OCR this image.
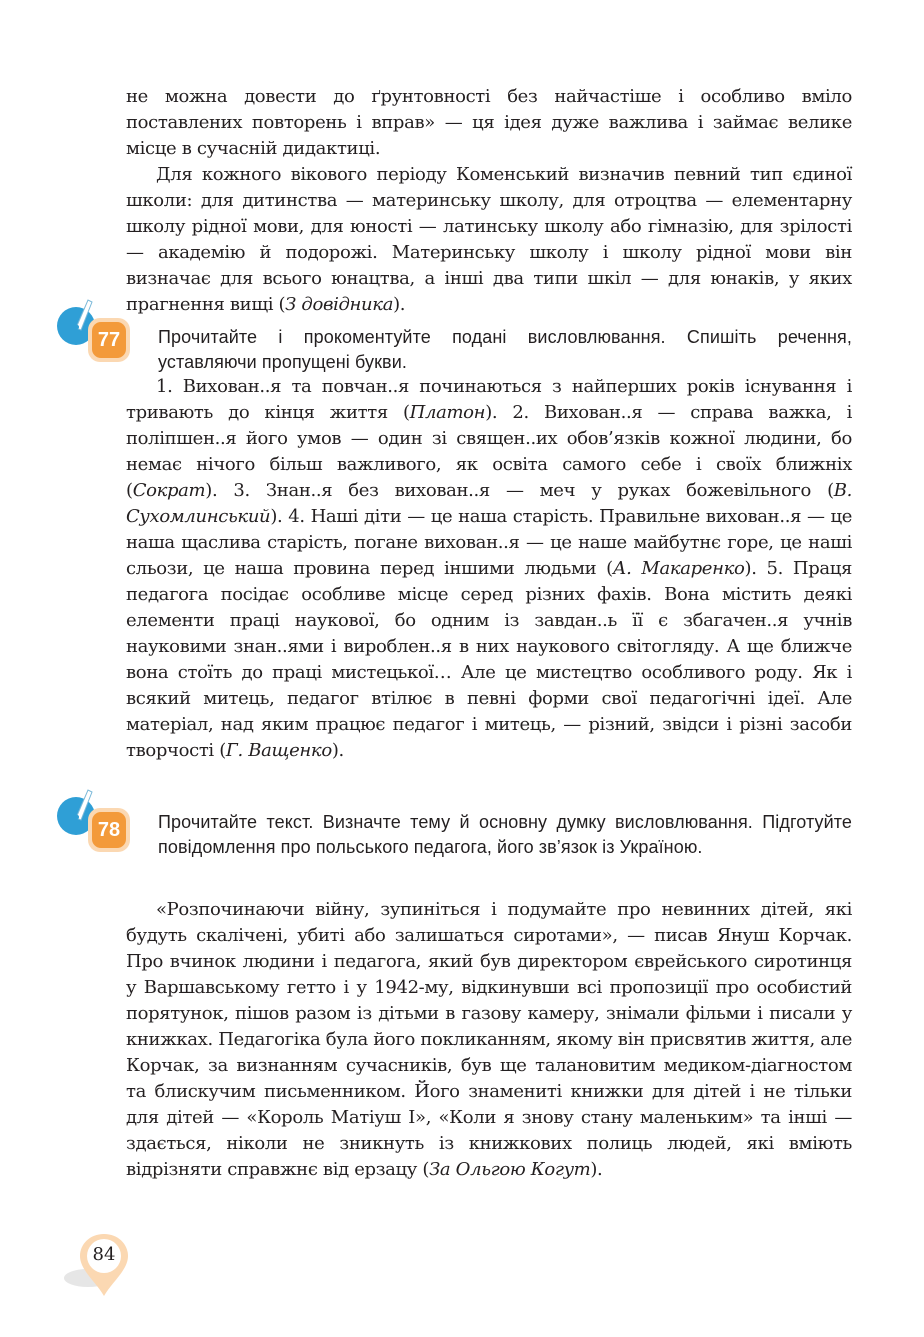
не можна довести до ґрунтовності без найчастіше і особливо вміло поставлених повторень і вправ» — ця ідея дуже важлива і займає велике місце в сучасній дидактиці.

Для кожного вікового періоду Коменський визначив певний тип єдиної школи: для дитинства — материнську школу, для отроцтва — елементарну школу рідної мови, для юності — латинську школу або гімназію, для зрілості — академію й подорожі. Материнську школу і школу рідної мови він визначає для всього юнацтва, а інші два типи шкіл — для юнаків, у яких прагнення вищі (З довідника).

77	Прочитайте і прокоментуйте подані висловлювання. Спишіть речення, уставляючи пропущені букви.

1. Вихован..я та повчан..я починаються з найперших років існування і тривають до кінця життя (Платон). 2. Вихован..я — справа важка, і поліпшен..я його умов — один зі священ..их обов’язків кожної людини, бо немає нічого більш важливого, як освіта самого себе і своїх ближніх (Сократ). 3. Знан..я без вихован..я — меч у руках божевільного (В. Сухомлинський). 4. Наші діти — це наша старість. Правильне вихован..я — це наша щаслива старість, погане вихован..я — це наше майбутнє горе, це наші сльози, це наша провина перед іншими людьми (А. Макаренко). 5. Праця педагога посідає особливе місце серед різних фахів. Вона містить деякі елементи праці наукової, бо одним із завдан..ь її є збагачен..я учнів науковими знан..ями і вироблен..я в них наукового світогляду. А ще ближче вона стоїть до праці мистецької… Але це мистецтво особливого роду. Як і всякий митець, педагог втілює в певні форми свої педагогічні ідеї. Але матеріал, над яким працює педагог і митець, — різний, звідси і різні засоби творчості (Г. Ващенко).

78	Прочитайте текст. Визначте тему й основну думку висловлювання. Підготуйте повідомлення про польського педагога, його зв’язок із Україною.

«Розпочинаючи війну, зупиніться і подумайте про невинних дітей, які будуть скалічені, убиті або залишаться сиротами», — писав Януш Корчак. Про вчинок людини і педагога, який був директором єврейського сиротинця у Варшавському гетто і у 1942-му, відкинувши всі пропозиції про особистий порятунок, пішов разом із дітьми в газову камеру, знімали фільми і писали у книжках. Педагогіка була його покликанням, якому він присвятив життя, але Корчак, за визнанням сучасників, був ще талановитим медиком-діагностом та блискучим письменником. Його знамениті книжки для дітей і не тільки для дітей — «Король Матіуш I», «Коли я знову стану маленьким» та інші — здається, ніколи не зникнуть із книжкових полиць людей, які вміють відрізняти справжнє від ерзацу (За Ольгою Когут).

84
